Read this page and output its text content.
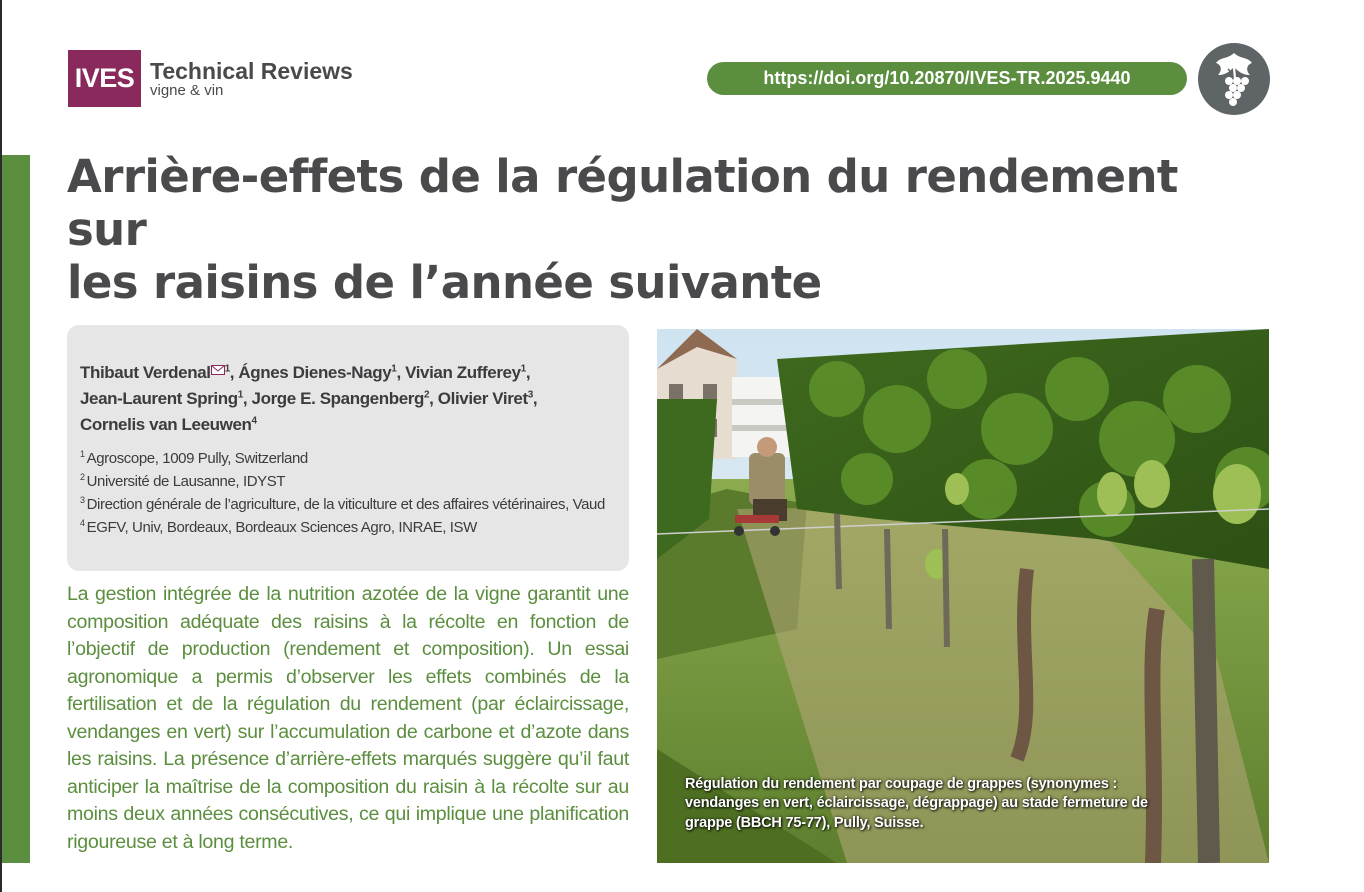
IVES Technical Reviews
vigne & vin
https://doi.org/10.20870/IVES-TR.2025.9440
Arrière-effets de la régulation du rendement sur
les raisins de l’année suivante
Thibaut Verdenal $^1$, Ágnes Dienes-Nagy$^1$, Vivian Zufferey$^1$,
Jean-Laurent Spring$^1$, Jorge E. Spangenberg$^2$, Olivier Viret$^3$,
Cornelis van Leeuwen$^4$
$^1$ Agroscope, 1009 Pully, Switzerland
$^2$ Université de Lausanne, IDYST
$^3$ Direction générale de l’agriculture, de la viticulture et des affaires vétérinaires, Vaud
$^4$ EGFV, Univ, Bordeaux, Bordeaux Sciences Agro, INRAE, ISW

La gestion intégrée de la nutrition azotée de la vigne garantit une composition adéquate des raisins à la récolte en fonction de l’objectif de production (rendement et composition). Un essai agronomique a permis d’observer les effets combinés de la fertilisation et de la régulation du rendement (par éclaircissage, vendanges en vert) sur l’accumulation de carbone et d’azote dans les raisins. La présence d’arrière-effets marqués suggère qu’il faut anticiper la maîtrise de la composition du raisin à la récolte sur au moins deux années consécutives, ce qui implique une planification rigoureuse et à long terme.

Régulation du rendement par coupage de grappes (synonymes : vendanges en vert, éclaircissage, dégrappage) au stade fermeture de grappe (BBCH 75-77), Pully, Suisse.
